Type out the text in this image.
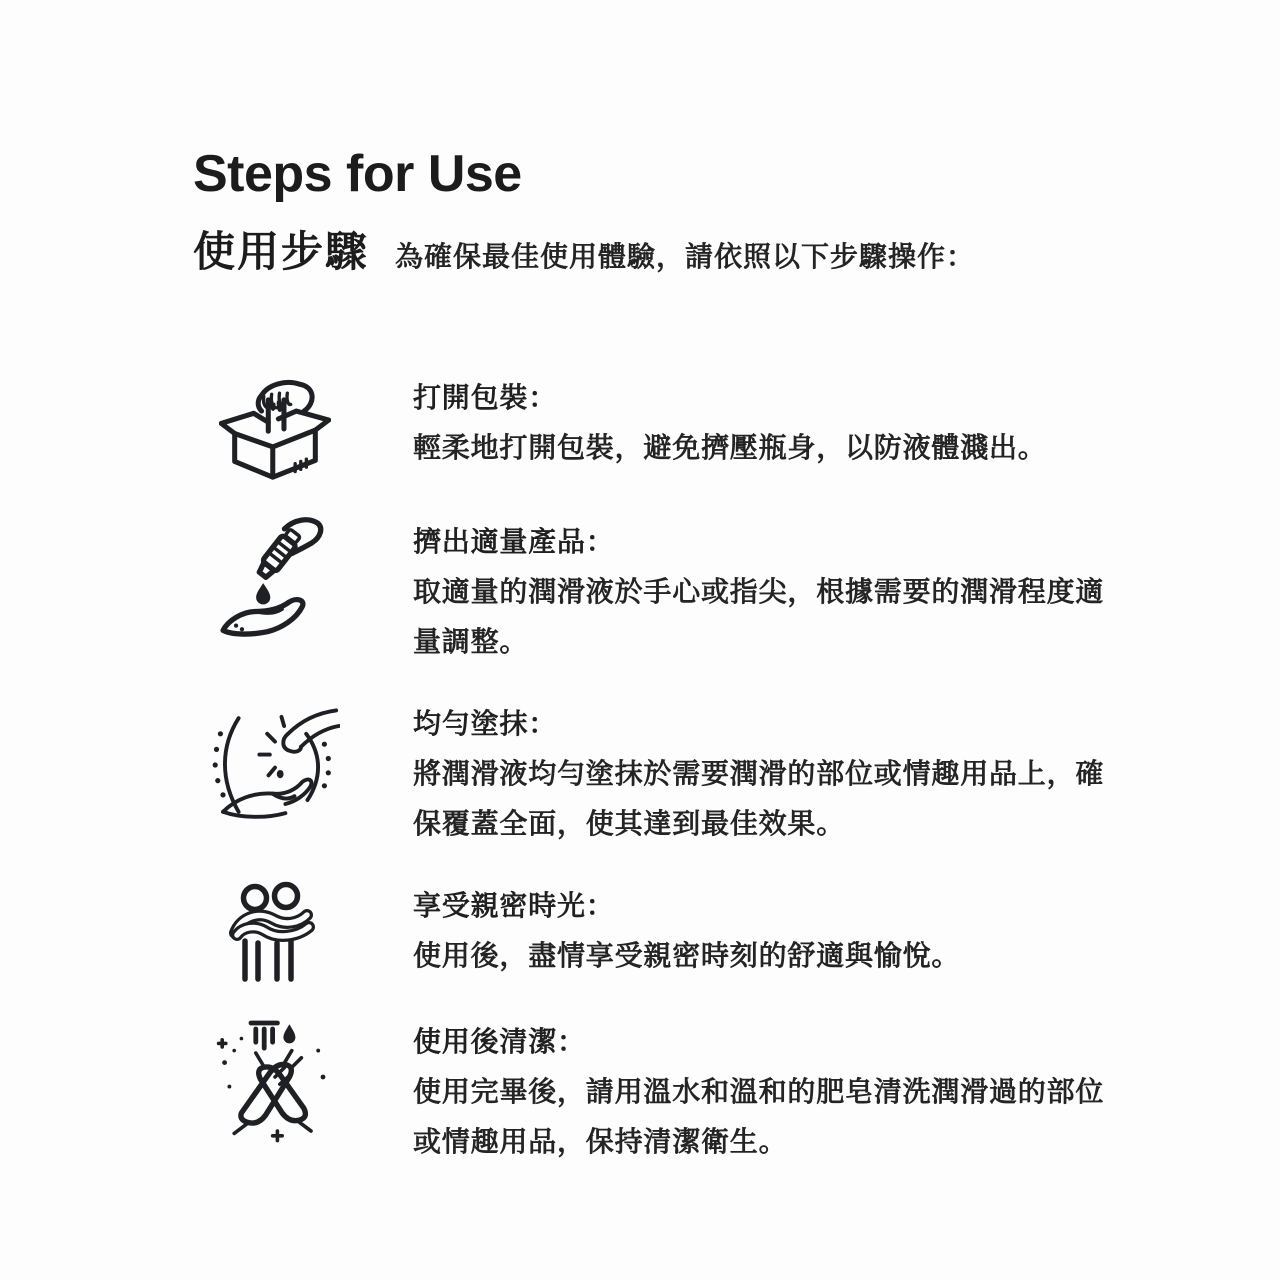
Steps for Use
使用步驟 為確保最佳使用體驗，請依照以下步驟操作：
打開包裝：
輕柔地打開包裝，避免擠壓瓶身，以防液體濺出。
擠出適量產品：
取適量的潤滑液於手心或指尖，根據需要的潤滑程度適量調整。
均勻塗抹：
將潤滑液均勻塗抹於需要潤滑的部位或情趣用品上，確保覆蓋全面，使其達到最佳效果。
享受親密時光：
使用後，盡情享受親密時刻的舒適與愉悅。
使用後清潔：
使用完畢後，請用溫水和溫和的肥皂清洗潤滑過的部位或情趣用品，保持清潔衛生。
